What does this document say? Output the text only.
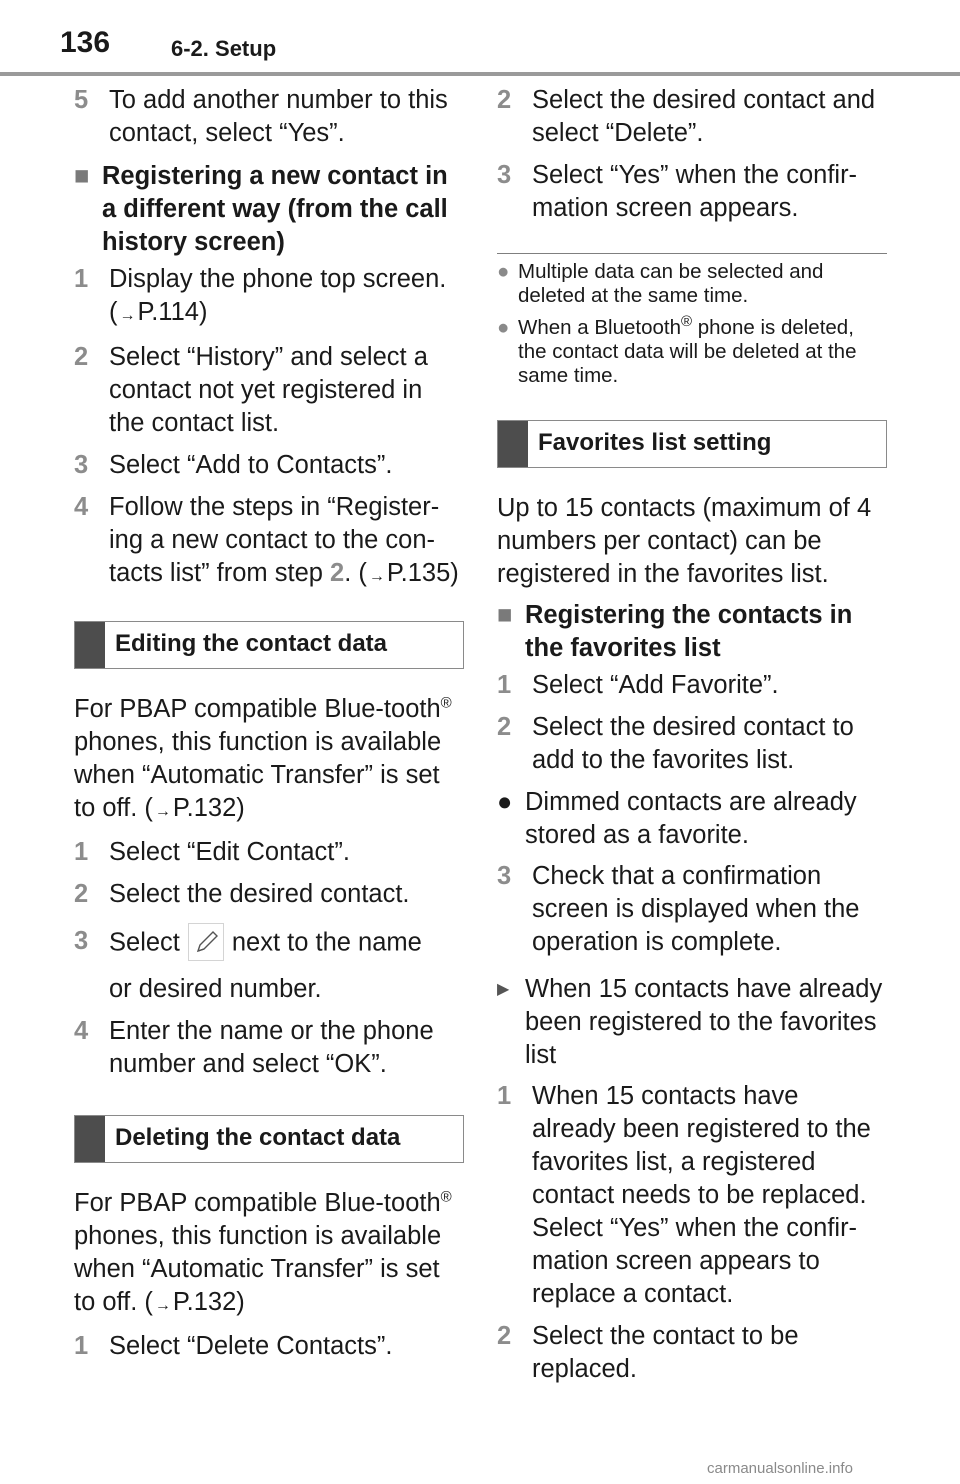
136	6-2. Setup
5 To add another number to this contact, select “Yes”.
■ Registering a new contact in a different way (from the call history screen)
1 Display the phone top screen. ( →P.114)
2 Select “History” and select a contact not yet registered in the contact list.
3 Select “Add to Contacts”.
4 Follow the steps in “Register-ing a new contact to the con-tacts list” from step 2. ( →P.135)
Editing the contact data
For PBAP compatible Blue-tooth® phones, this function is available when “Automatic Transfer” is set to off. ( →P.132)
1 Select “Edit Contact”.
2 Select the desired contact.
3 Select next to the name
or desired number.
4 Enter the name or the phone number and select “OK”.
Deleting the contact data
For PBAP compatible Blue-tooth® phones, this function is available when “Automatic Transfer” is set to off. ( →P.132)
1 Select “Delete Contacts”.
2 Select the desired contact and select “Delete”.
3 Select “Yes” when the confir-mation screen appears.
● Multiple data can be selected and deleted at the same time.
● When a Bluetooth® phone is deleted, the contact data will be deleted at the same time.
Favorites list setting
Up to 15 contacts (maximum of 4 numbers per contact) can be registered in the favorites list.
■ Registering the contacts in the favorites list
1 Select “Add Favorite”.
2 Select the desired contact to add to the favorites list.
● Dimmed contacts are already stored as a favorite.
3 Check that a confirmation screen is displayed when the operation is complete.
▶ When 15 contacts have already been registered to the favorites list
1 When 15 contacts have already been registered to the favorites list, a registered contact needs to be replaced. Select “Yes” when the confir-mation screen appears to replace a contact.
2 Select the contact to be replaced.
carmanualsonline.info
